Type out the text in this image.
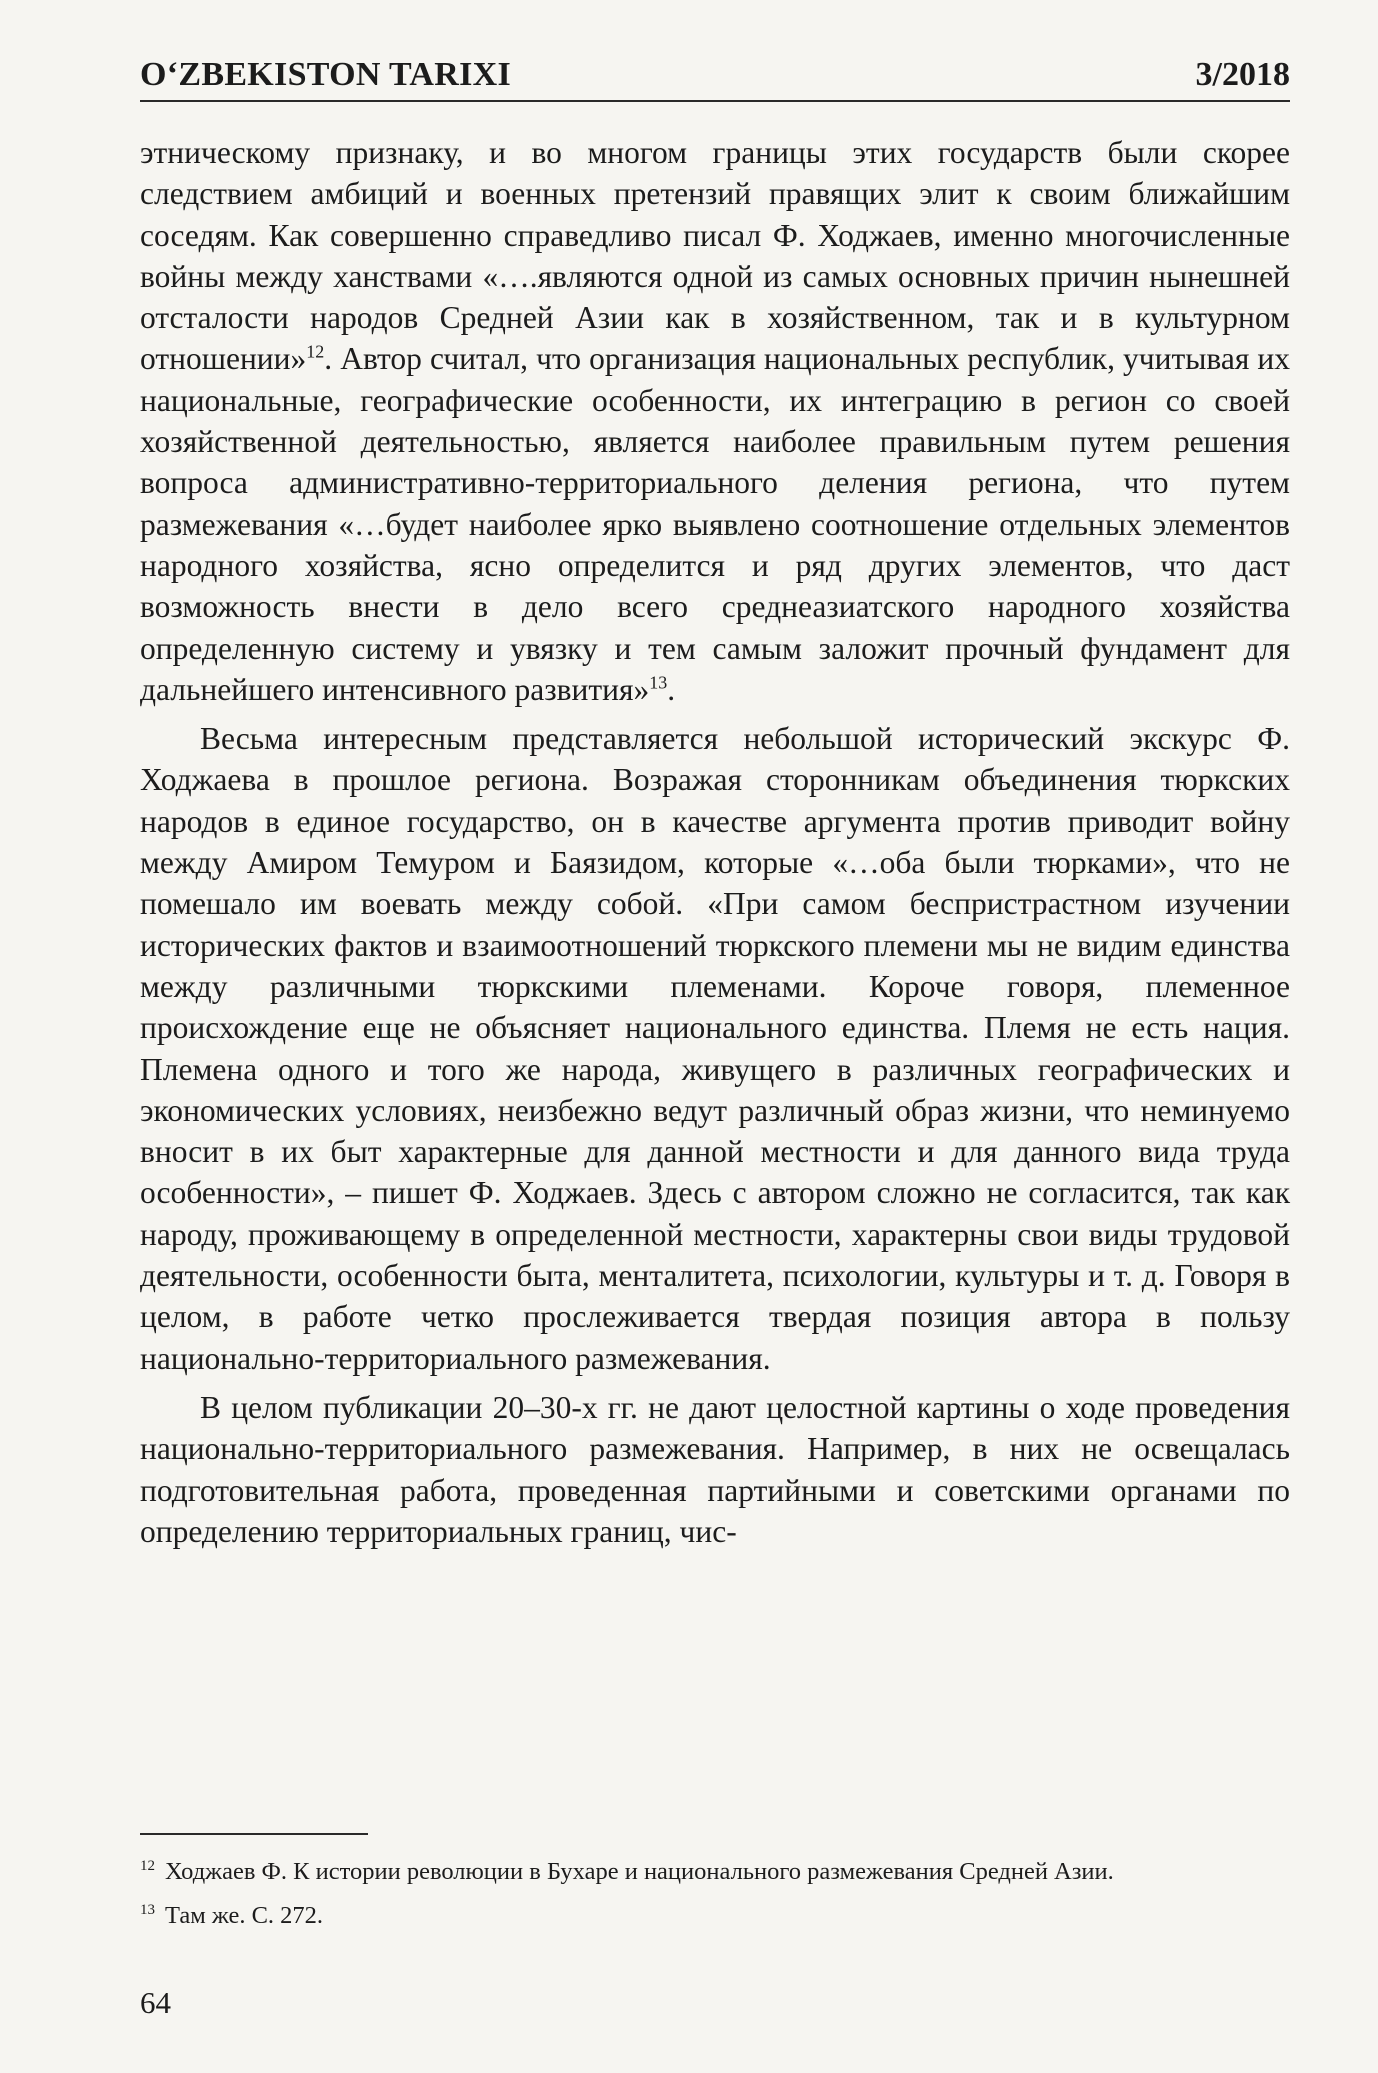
O‘ZBEKISTON TARIXI	3/2018

этническому признаку, и во многом границы этих государств были скорее следствием амбиций и военных претензий правящих элит к своим ближайшим соседям. Как совершенно справедливо писал Ф. Ходжаев, именно многочисленные войны между ханствами «….являются одной из самых основных причин нынешней отсталости народов Средней Азии как в хозяйственном, так и в культурном отношении»$^{12}$. Автор считал, что организация национальных республик, учитывая их национальные, географические особенности, их интеграцию в регион со своей хозяйственной деятельностью, является наиболее правильным путем решения вопроса административно-территориального деления региона, что путем размежевания «…будет наиболее ярко выявлено соотношение отдельных элементов народного хозяйства, ясно определится и ряд других элементов, что даст возможность внести в дело всего среднеазиатского народного хозяйства определенную систему и увязку и тем самым заложит прочный фундамент для дальнейшего интенсивного развития»$^{13}$.

Весьма интересным представляется небольшой исторический экскурс Ф. Ходжаева в прошлое региона. Возражая сторонникам объединения тюркских народов в единое государство, он в качестве аргумента против приводит войну между Амиром Темуром и Баязидом, которые «…оба были тюрками», что не помешало им воевать между собой. «При самом беспристрастном изучении исторических фактов и взаимоотношений тюркского племени мы не видим единства между различными тюркскими племенами. Короче говоря, племенное происхождение еще не объясняет национального единства. Племя не есть нация. Племена одного и того же народа, живущего в различных географических и экономических условиях, неизбежно ведут различный образ жизни, что неминуемо вносит в их быт характерные для данной местности и для данного вида труда особенности», – пишет Ф. Ходжаев. Здесь с автором сложно не согласится, так как народу, проживающему в определенной местности, характерны свои виды трудовой деятельности, особенности быта, менталитета, психологии, культуры и т. д. Говоря в целом, в работе четко прослеживается твердая позиция автора в пользу национально-территориального размежевания.

В целом публикации 20–30-х гг. не дают целостной картины о ходе проведения национально-территориального размежевания. Например, в них не освещалась подготовительная работа, проведенная партийными и советскими органами по определению территориальных границ, чис-

$^{12}$ Ходжаев Ф. К истории революции в Бухаре и национального размежевания Средней Азии.
$^{13}$ Там же. С. 272.
64
